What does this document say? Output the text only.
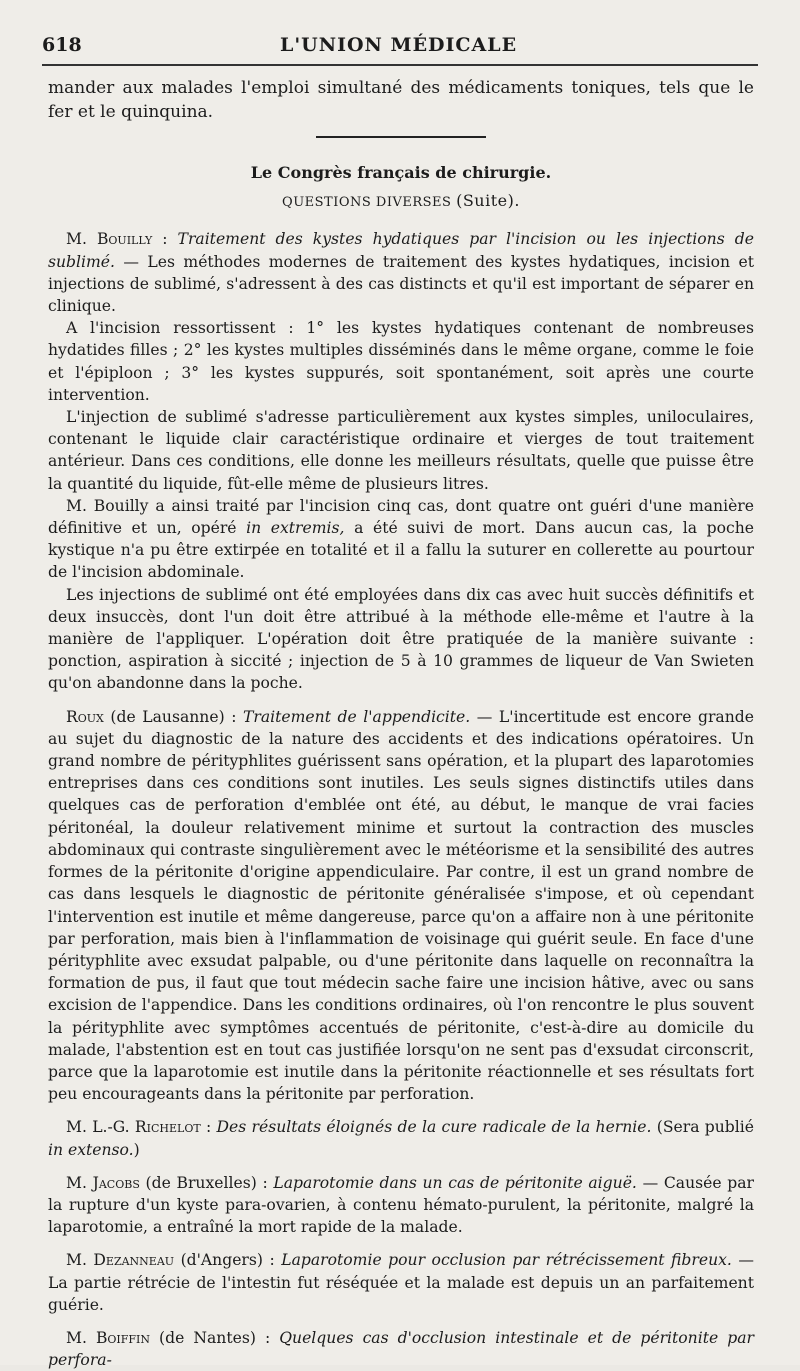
618	L'UNION MÉDICALE

mander aux malades l'emploi simultané des médicaments toniques, tels que le fer et le quinquina.

Le Congrès français de chirurgie.
QUESTIONS DIVERSES (Suite).

M. Bouilly : Traitement des kystes hydatiques par l'incision ou les injections de sublimé. — Les méthodes modernes de traitement des kystes hydatiques, incision et injections de sublimé, s'adressent à des cas distincts et qu'il est important de séparer en clinique.

A l'incision ressortissent : 1° les kystes hydatiques contenant de nombreuses hydatides filles ; 2° les kystes multiples disséminés dans le même organe, comme le foie et l'épiploon ; 3° les kystes suppurés, soit spontanément, soit après une courte intervention.

L'injection de sublimé s'adresse particulièrement aux kystes simples, uniloculaires, contenant le liquide clair caractéristique ordinaire et vierges de tout traitement antérieur. Dans ces conditions, elle donne les meilleurs résultats, quelle que puisse être la quantité du liquide, fût-elle même de plusieurs litres.

M. Bouilly a ainsi traité par l'incision cinq cas, dont quatre ont guéri d'une manière définitive et un, opéré in extremis, a été suivi de mort. Dans aucun cas, la poche kystique n'a pu être extirpée en totalité et il a fallu la suturer en collerette au pourtour de l'incision abdominale.

Les injections de sublimé ont été employées dans dix cas avec huit succès définitifs et deux insuccès, dont l'un doit être attribué à la méthode elle-même et l'autre à la manière de l'appliquer. L'opération doit être pratiquée de la manière suivante : ponction, aspiration à siccité ; injection de 5 à 10 grammes de liqueur de Van Swieten qu'on abandonne dans la poche.

Roux (de Lausanne) : Traitement de l'appendicite. — L'incertitude est encore grande au sujet du diagnostic de la nature des accidents et des indications opératoires. Un grand nombre de pérityphlites guérissent sans opération, et la plupart des laparotomies entreprises dans ces conditions sont inutiles. Les seuls signes distinctifs utiles dans quelques cas de perforation d'emblée ont été, au début, le manque de vrai facies péritonéal, la douleur relativement minime et surtout la contraction des muscles abdominaux qui contraste singulièrement avec le météorisme et la sensibilité des autres formes de la péritonite d'origine appendiculaire. Par contre, il est un grand nombre de cas dans lesquels le diagnostic de péritonite généralisée s'impose, et où cependant l'intervention est inutile et même dangereuse, parce qu'on a affaire non à une péritonite par perforation, mais bien à l'inflammation de voisinage qui guérit seule. En face d'une pérityphlite avec exsudat palpable, ou d'une péritonite dans laquelle on reconnaîtra la formation de pus, il faut que tout médecin sache faire une incision hâtive, avec ou sans excision de l'appendice. Dans les conditions ordinaires, où l'on rencontre le plus souvent la pérityphlite avec symptômes accentués de péritonite, c'est-à-dire au domicile du malade, l'abstention est en tout cas justifiée lorsqu'on ne sent pas d'exsudat circonscrit, parce que la laparotomie est inutile dans la péritonite réactionnelle et ses résultats fort peu encourageants dans la péritonite par perforation.

M. L.-G. Richelot : Des résultats éloignés de la cure radicale de la hernie. (Sera publié in extenso.)

M. Jacobs (de Bruxelles) : Laparotomie dans un cas de péritonite aiguë. — Causée par la rupture d'un kyste para-ovarien, à contenu hémato-purulent, la péritonite, malgré la laparotomie, a entraîné la mort rapide de la malade.

M. Dezanneau (d'Angers) : Laparotomie pour occlusion par rétrécissement fibreux. — La partie rétrécie de l'intestin fut réséquée et la malade est depuis un an parfaitement guérie.

M. Boiffin (de Nantes) : Quelques cas d'occlusion intestinale et de péritonite par perfora-
